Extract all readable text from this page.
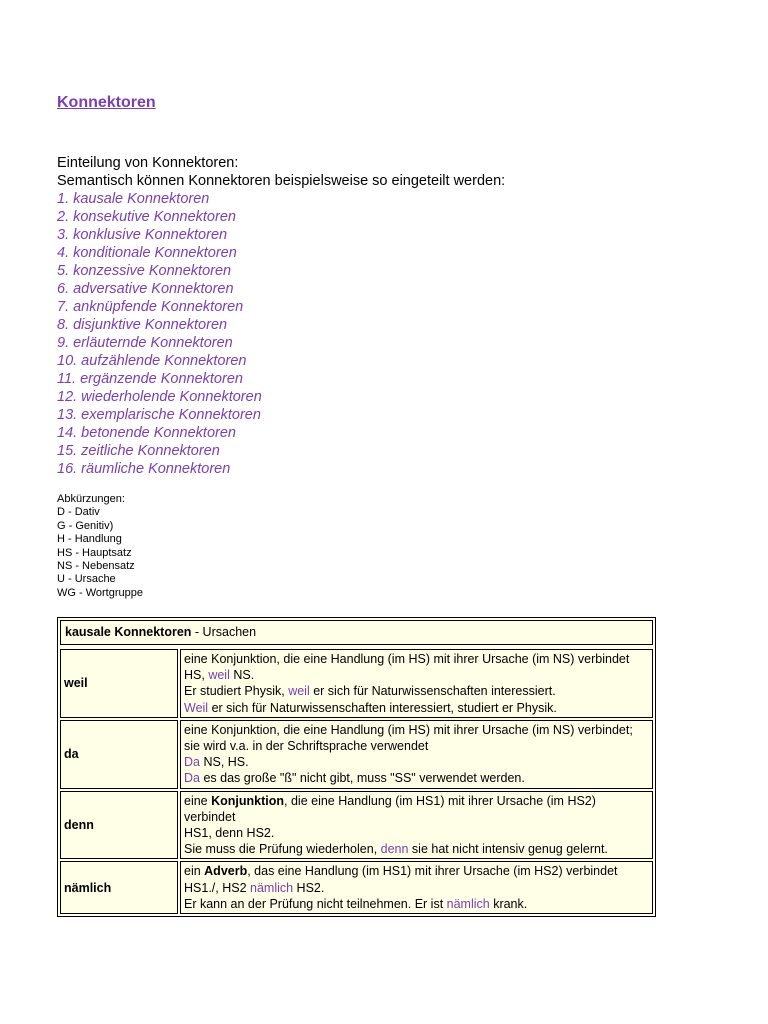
Konnektoren
Einteilung von Konnektoren:
Semantisch können Konnektoren beispielsweise so eingeteilt werden:
1. kausale Konnektoren
2. konsekutive Konnektoren
3. konklusive Konnektoren
4. konditionale Konnektoren
5. konzessive Konnektoren
6. adversative Konnektoren
7. anknüpfende Konnektoren
8. disjunktive Konnektoren
9. erläuternde Konnektoren
10. aufzählende Konnektoren
11. ergänzende Konnektoren
12. wiederholende Konnektoren
13. exemplarische Konnektoren
14. betonende Konnektoren
15. zeitliche Konnektoren
16. räumliche Konnektoren
Abkürzungen:
D - Dativ
G - Genitiv)
H - Handlung
HS - Hauptsatz
NS - Nebensatz
U - Ursache
WG - Wortgruppe
kausale Konnektoren - Ursachen
weil	eine Konjunktion, die eine Handlung (im HS) mit ihrer Ursache (im NS) verbindet
HS, weil NS.
Er studiert Physik, weil er sich für Naturwissenschaften interessiert.
Weil er sich für Naturwissenschaften interessiert, studiert er Physik.

da	eine Konjunktion, die eine Handlung (im HS) mit ihrer Ursache (im NS) verbindet; sie wird v.a. in der Schriftsprache verwendet
Da NS, HS.
Da es das große "ß" nicht gibt, muss "SS" verwendet werden.

denn	eine Konjunktion, die eine Handlung (im HS1) mit ihrer Ursache (im HS2) verbindet
HS1, denn HS2.
Sie muss die Prüfung wiederholen, denn sie hat nicht intensiv genug gelernt.

nämlich	ein Adverb, das eine Handlung (im HS1) mit ihrer Ursache (im HS2) verbindet
HS1./, HS2 nämlich HS2.
Er kann an der Prüfung nicht teilnehmen. Er ist nämlich krank.
